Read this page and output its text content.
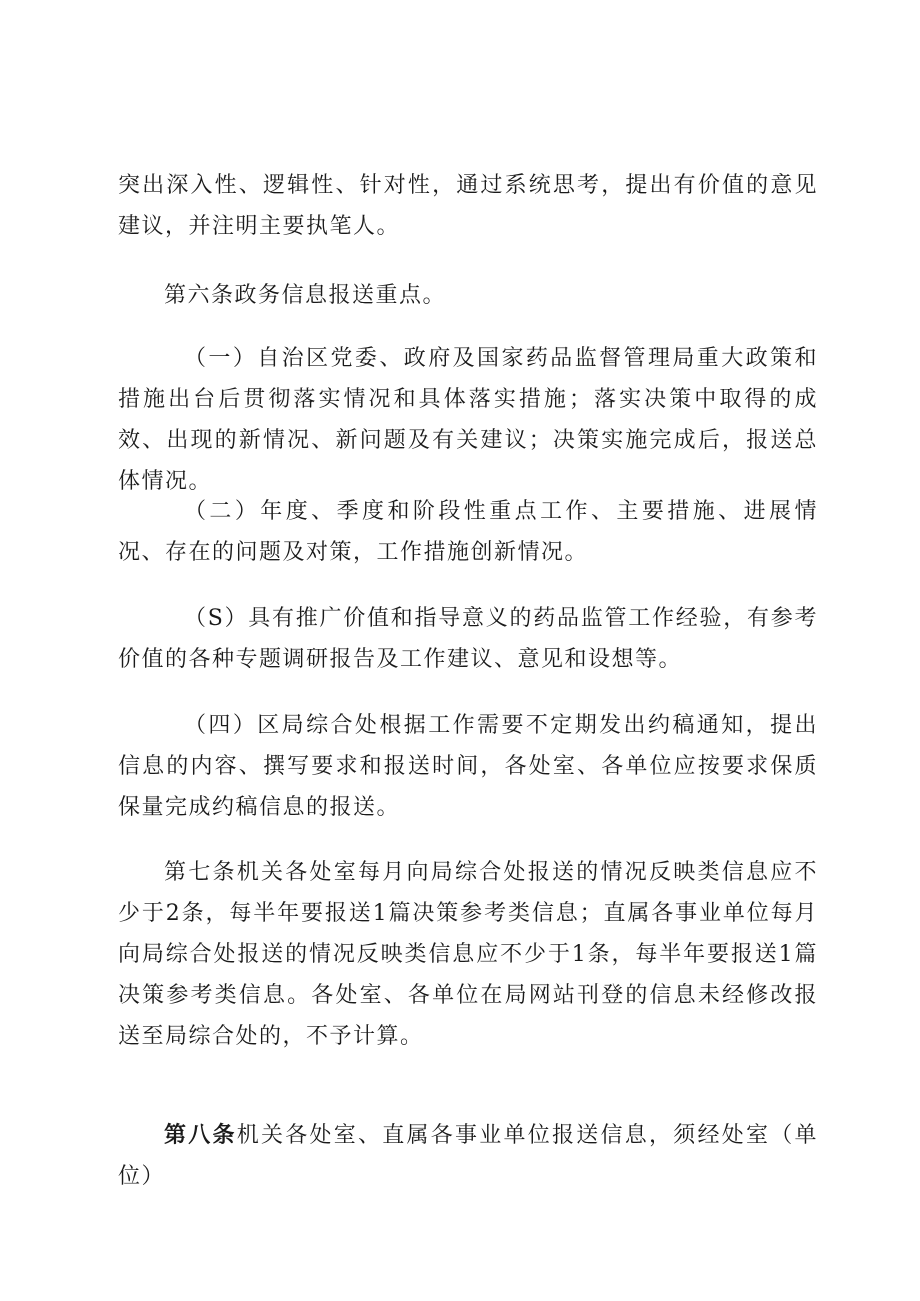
突出深入性、逻辑性、针对性，通过系统思考，提出有价值的意见建议，并注明主要执笔人。

第六条政务信息报送重点。

（一）自治区党委、政府及国家药品监督管理局重大政策和措施出台后贯彻落实情况和具体落实措施；落实决策中取得的成效、出现的新情况、新问题及有关建议；决策实施完成后，报送总体情况。

（二）年度、季度和阶段性重点工作、主要措施、进展情况、存在的问题及对策，工作措施创新情况。

（S）具有推广价值和指导意义的药品监管工作经验，有参考价值的各种专题调研报告及工作建议、意见和设想等。

（四）区局综合处根据工作需要不定期发出约稿通知，提出信息的内容、撰写要求和报送时间，各处室、各单位应按要求保质保量完成约稿信息的报送。

第七条机关各处室每月向局综合处报送的情况反映类信息应不少于2条，每半年要报送1篇决策参考类信息；直属各事业单位每月向局综合处报送的情况反映类信息应不少于1条，每半年要报送1篇决策参考类信息。各处室、各单位在局网站刊登的信息未经修改报送至局综合处的，不予计算。

第八条机关各处室、直属各事业单位报送信息，须经处室（单位）
